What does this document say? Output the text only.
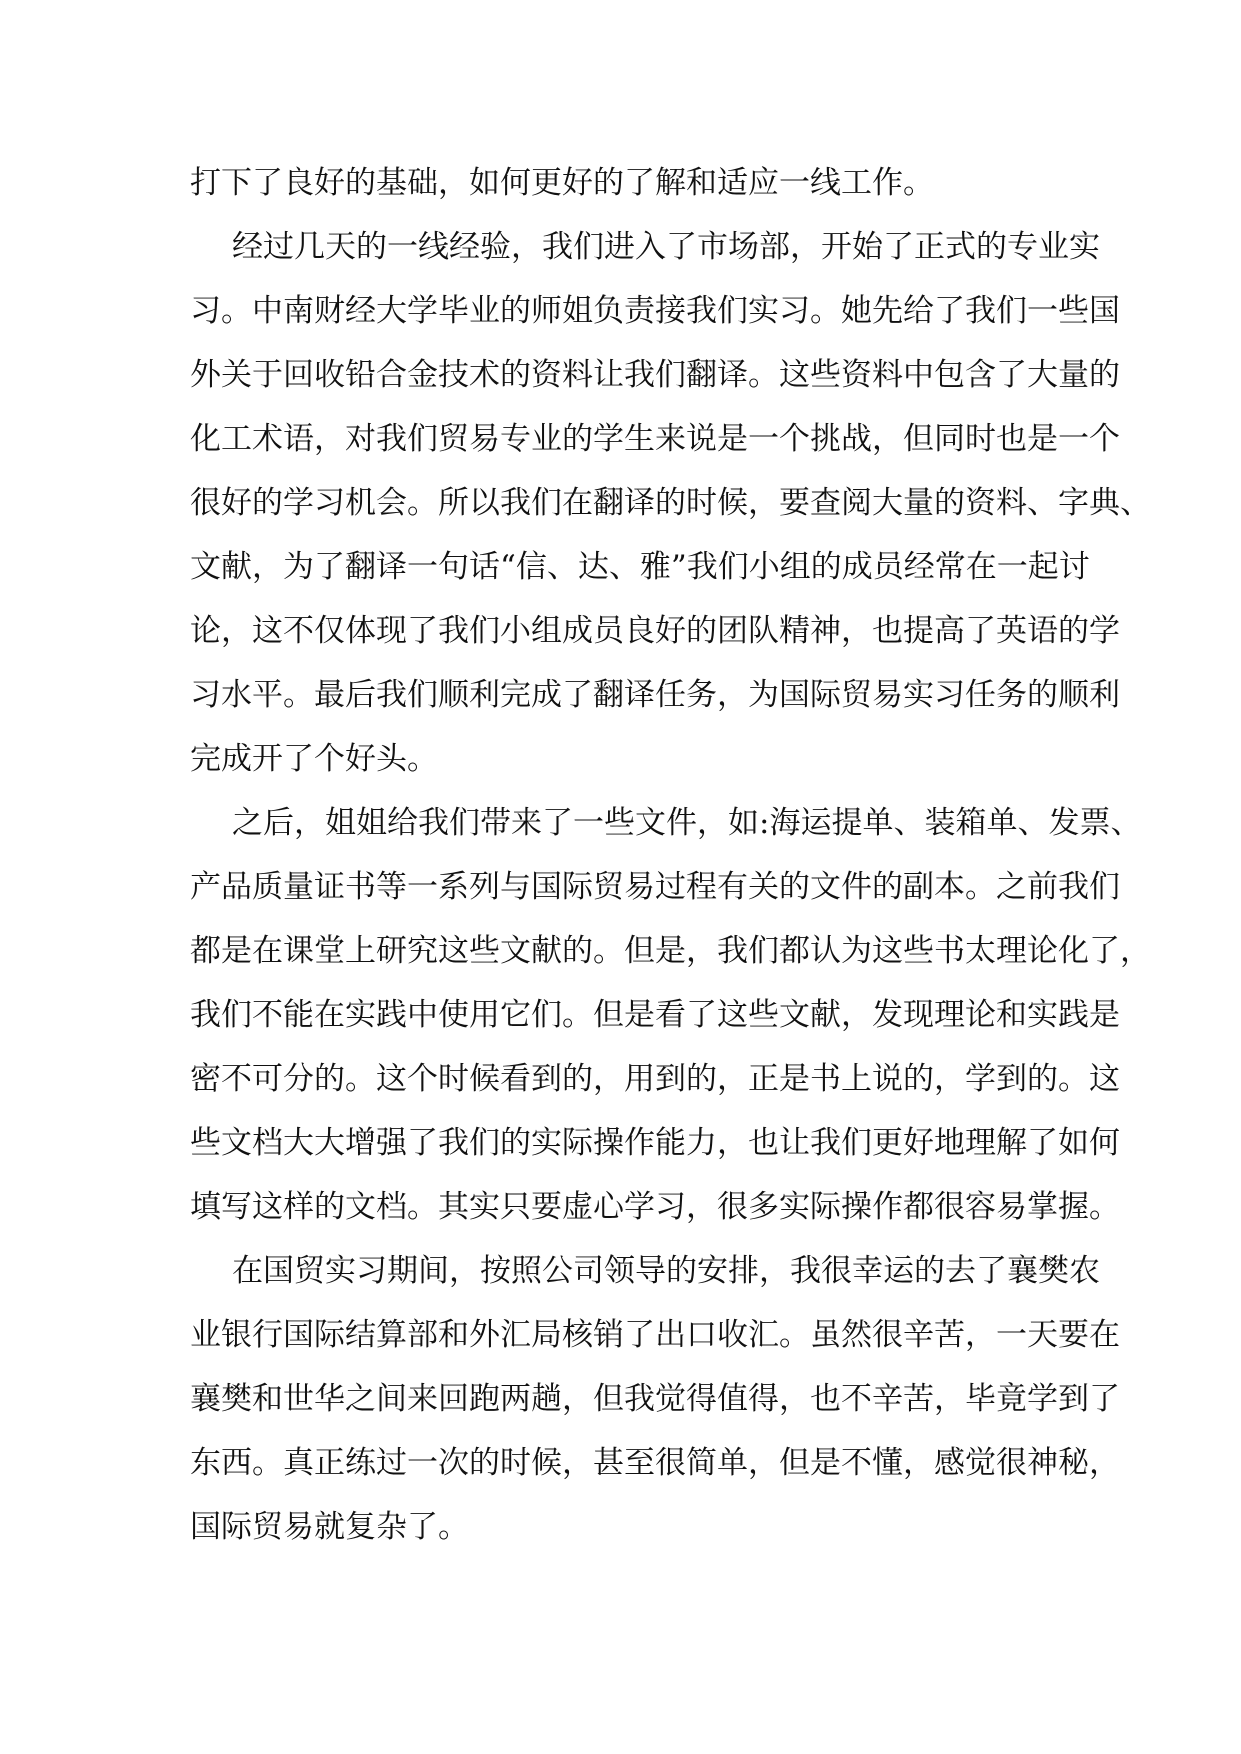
打下了良好的基础，如何更好的了解和适应一线工作。

经过几天的一线经验，我们进入了市场部，开始了正式的专业实

习。中南财经大学毕业的师姐负责接我们实习。她先给了我们一些国

外关于回收铅合金技术的资料让我们翻译。这些资料中包含了大量的

化工术语，对我们贸易专业的学生来说是一个挑战，但同时也是一个

很好的学习机会。所以我们在翻译的时候，要查阅大量的资料、字典、

文献，为了翻译一句话“信、达、雅”我们小组的成员经常在一起讨

论，这不仅体现了我们小组成员良好的团队精神，也提高了英语的学

习水平。最后我们顺利完成了翻译任务，为国际贸易实习任务的顺利

完成开了个好头。

之后，姐姐给我们带来了一些文件，如:海运提单、装箱单、发票、

产品质量证书等一系列与国际贸易过程有关的文件的副本。之前我们

都是在课堂上研究这些文献的。但是，我们都认为这些书太理论化了，

我们不能在实践中使用它们。但是看了这些文献，发现理论和实践是

密不可分的。这个时候看到的，用到的，正是书上说的，学到的。这

些文档大大增强了我们的实际操作能力，也让我们更好地理解了如何

填写这样的文档。其实只要虚心学习，很多实际操作都很容易掌握。

在国贸实习期间，按照公司领导的安排，我很幸运的去了襄樊农

业银行国际结算部和外汇局核销了出口收汇。虽然很辛苦，一天要在

襄樊和世华之间来回跑两趟，但我觉得值得，也不辛苦，毕竟学到了

东西。真正练过一次的时候，甚至很简单，但是不懂，感觉很神秘，

国际贸易就复杂了。
